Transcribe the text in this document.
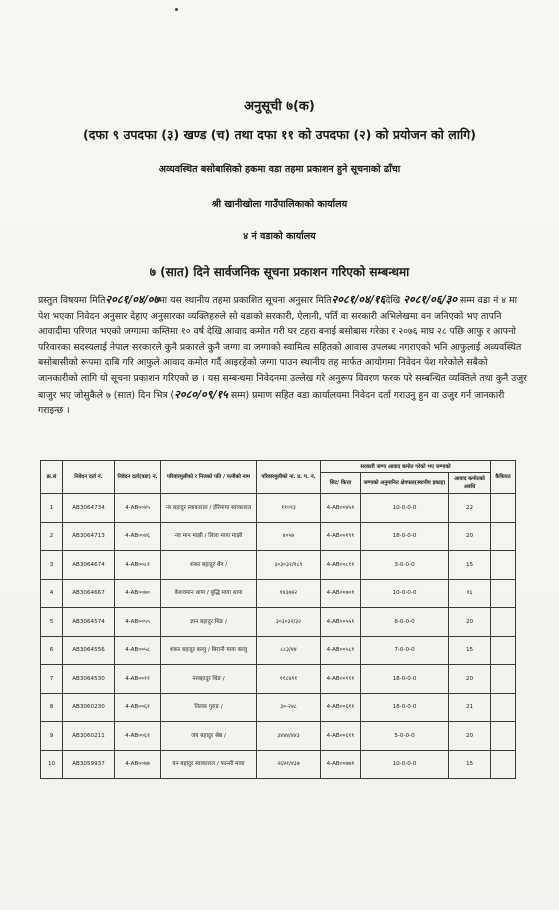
अनुसूची ७(क)
(दफा ९ उपदफा (३) खण्ड (च) तथा दफा ११ को उपदफा (२) को प्रयोजन को लागि)
अव्यवस्थित बसोबासिको हकमा वडा तहमा प्रकाशन हुने सूचनाको ढाँचा
श्री खानीखोला गाउँपालिकाको कार्यालय
४ नं वडाको कार्यालय
७ (सात) दिने सार्वजनिक सूचना प्रकाशन गरिएको सम्बन्धमा
प्रस्तुत विषयमा मिति२०८१/०४/०७मा यस स्थानीय तहमा प्रकाशित सूचना अनुसार मिति२०८१/०४/१६देखि २०८१/०६/३० सम्म वडा नं ४ मा पेश भएका निवेदन अनुसार देहाए अनुसारका व्यक्तिहरुले सो वडाको सरकारी, ऐलानी, पर्ति वा सरकारी अभिलेखमा वन जनिएको भए तापनि आवादीमा परिणत भएको जग्गामा कम्तिमा १० वर्ष देखि आवाद कमोत गरी घर टहरा बनाई बसोबास गरेका र २०७६ माघ २८ पछि आफु र आफ्नो परिवारका सदस्यलाई नेपाल सरकारले कुनै प्रकारले कुनै जग्गा वा जग्गाको स्वामित्व सहितको आवास उपलब्ध नगराएको भनि आफुलाई अव्यवस्थित बसोबासीको रूपमा दाबि गरि आफुले आवाद कमोत गर्दै आइरहेको जग्गा पाउन स्थानीय तह मार्फत आयोगमा निवेदन पेश गरेकोले सबैको जानकारीको लागि यो सूचना प्रकाशन गरिएको छ । यस सम्बन्धमा निवेदनमा उल्लेख गरे अनुरूप विवरण फरक परे सम्बन्धित व्यक्तिले तथा कुनै उजुर बाजुर भए जोसुकैले ७ (सात) दिन भित्र (२०८०/०९/१५ सम्म) प्रमाण सहित वडा कार्यालयमा निवेदन दर्ता गराउनु हुन वा उजुर गर्न जानकारी गराइन्छ ।
क्र.सं	निवेदन दर्ता नं.	निवेदन दर्ता(वडा) नं.	परिवारमुलीको र निजको पति / पत्नीको नाम	परिवारमुलीको ना. प्र. प. नं.	सरकारी जग्गा आवाद कमोत गरेको भए जग्गाको			कैफियत
					सिट/ कित्ता	जग्गाको अनुमानित क्षेत्रफल(स्थानीय इकाइ)	आवाद कमोतको अवधि	
1	AB3064734	4-AB००४५	नर बहादुर स्वाकाराल / हीरेमाया स्वाकाराल	११०१३	4-AB००४५१	10-0-0-0	22	
2	AB3064713	4-AB००४६	नव मान माझी / लिला माया माझी	४०५७	4-AB००१९१	18-0-0-0	20	
3	AB3064674	4-AB००८१	शंकर बहादुर थेंग /	३०३०३२/१८१	4-AB००८११	3-0-0-0	15	
4	AB3064667	4-AB००७०	केशवमान थापा / बुद्धि माया थापा	१४३७४२	4-AB००७०१	10-0-0-0	१६	
5	AB3064574	4-AB००५५	ज्ञान बहादुर थिंङ /	३०३०३२/३२	4-AB००५५१	6-0-0-0	20	
6	AB3064556	4-AB००५८	शंकर बहादुर बल्लु / बिरानी माया बल्लु	८८३/४४	4-AB००५८१	7-0-0-0	15	
7	AB3064530	4-AB००११	नरबहादुर थिंङ /	११८४११	4-AB००१११	18-0-0-0	20	
8	AB3060230	4-AB००६१	तिलक गुरुङ /	३०-२४८	4-AB००६११	18-0-0-0	21	
9	AB3060211	4-AB००६१	जय बहादुर श्रेष्ठ /	३४४४/४४३	4-AB००६११	5-0-0-0	20	
10	AB3059937	4-AB००७७	वन बहादुर स्वाकाराल / फान्सी माया	२६४१/४३७	4-AB००७७१	10-0-0-0	15	
